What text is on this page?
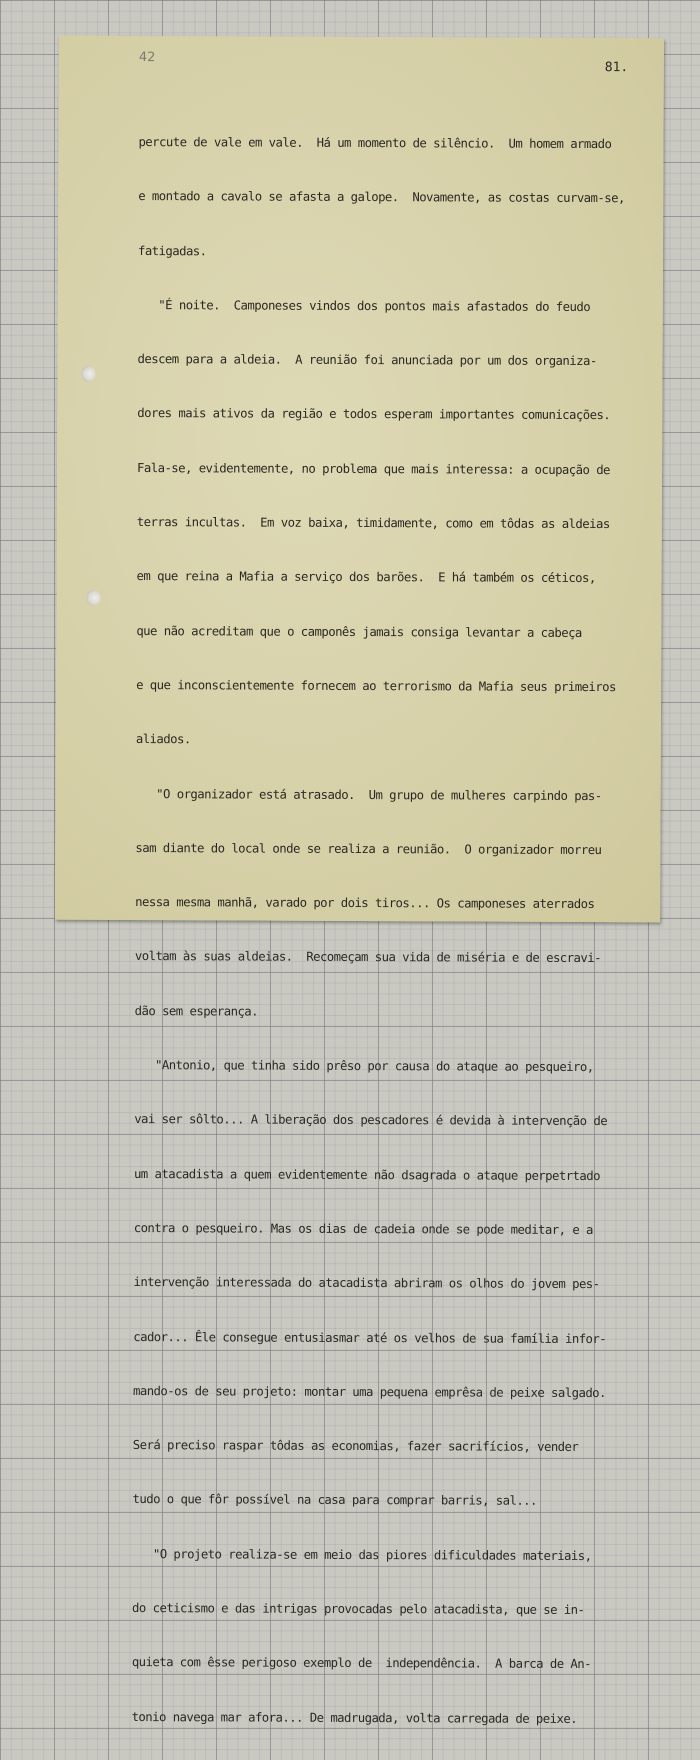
42
81.

percute de vale em vale.  Há um momento de silêncio.  Um homem armado

e montado a cavalo se afasta a galope.  Novamente, as costas curvam-se,

fatigadas.

"É noite.  Camponeses vindos dos pontos mais afastados do feudo

descem para a aldeia.  A reunião foi anunciada por um dos organiza-

dores mais ativos da região e todos esperam importantes comunicações.

Fala-se, evidentemente, no problema que mais interessa: a ocupação de

terras incultas.  Em voz baixa, timidamente, como em tôdas as aldeias

em que reina a Mafia a serviço dos barões.  E há também os céticos,

que não acreditam que o camponês jamais consiga levantar a cabeça

e que inconscientemente fornecem ao terrorismo da Mafia seus primeiros

aliados.

"O organizador está atrasado.  Um grupo de mulheres carpindo pas-

sam diante do local onde se realiza a reunião.  O organizador morreu

nessa mesma manhã, varado por dois tiros... Os camponeses aterrados

voltam às suas aldeias.  Recomeçam sua vida de miséria e de escravi-

dão sem esperança.

"Antonio, que tinha sido prêso por causa do ataque ao pesqueiro,

vai ser sôlto... A liberação dos pescadores é devida à intervenção de

um atacadista a quem evidentemente não dsagrada o ataque perpetrtado

contra o pesqueiro. Mas os dias de cadeia onde se pode meditar, e a

intervenção interessada do atacadista abriram os olhos do jovem pes-

cador... Êle consegue entusiasmar até os velhos de sua família infor-

mando-os de seu projeto: montar uma pequena emprêsa de peixe salgado.

Será preciso raspar tôdas as economias, fazer sacrifícios, vender

tudo o que fôr possível na casa para comprar barris, sal...

"O projeto realiza-se em meio das piores dificuldades materiais,

do ceticismo e das intrigas provocadas pelo atacadista, que se in-

quieta com êsse perigoso exemplo de  independência.  A barca de An-

tonio navega mar afora... De madrugada, volta carregada de peixe.
